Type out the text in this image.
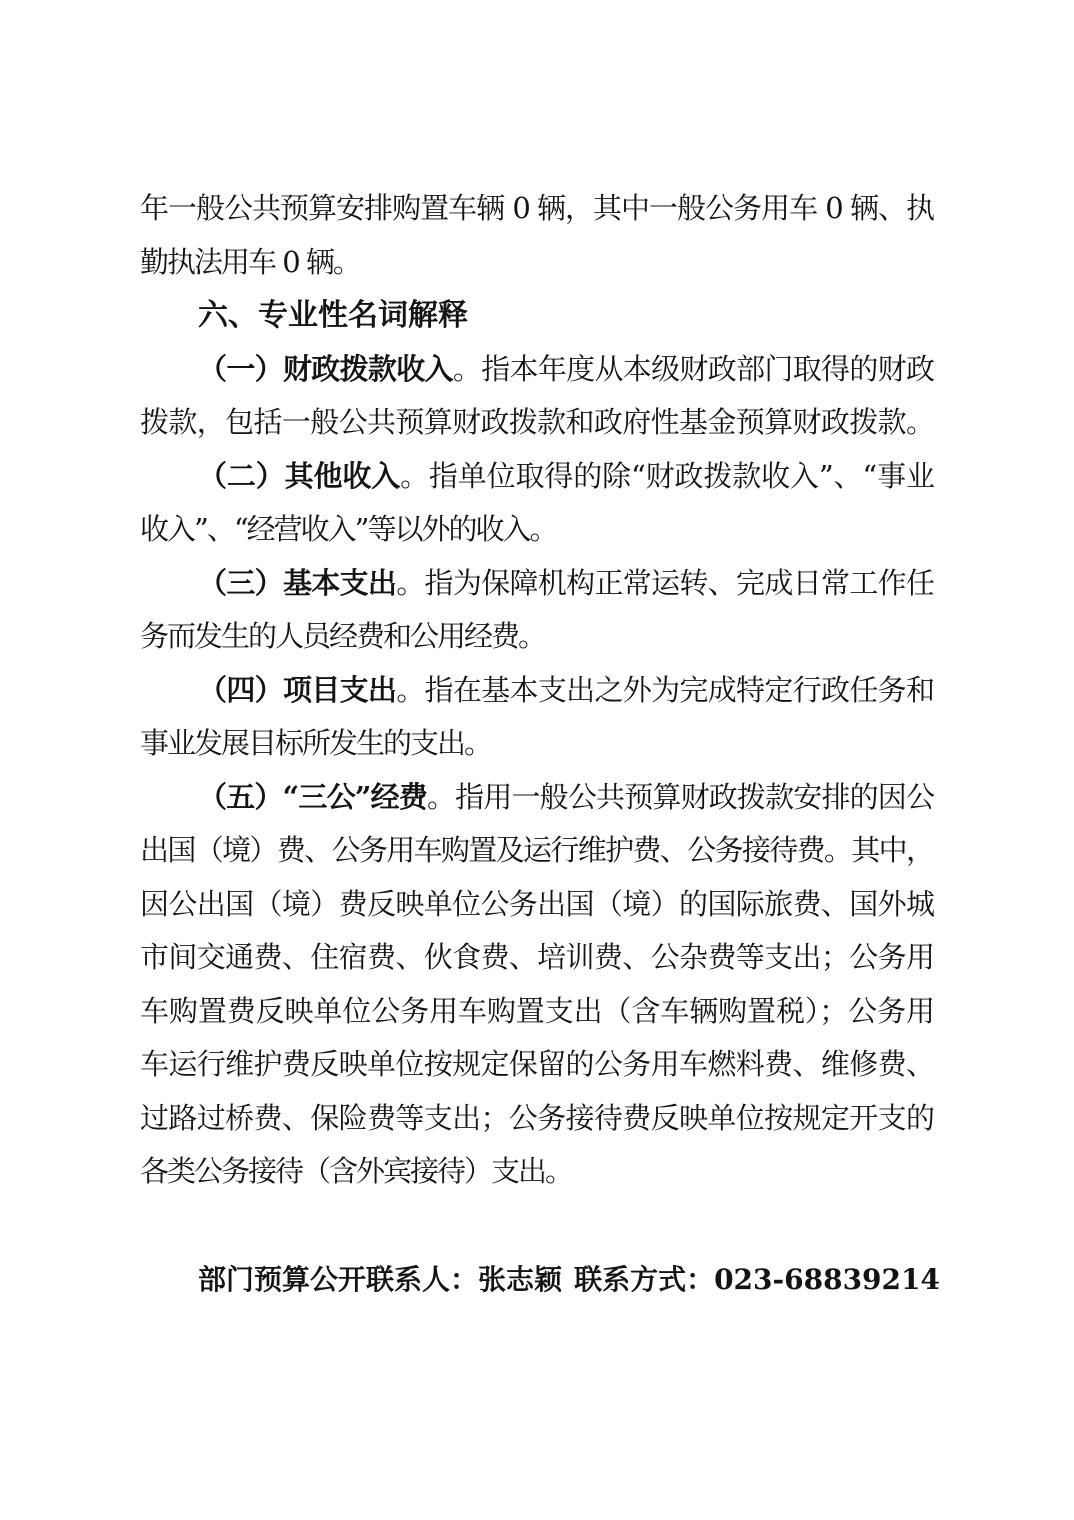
年一般公共预算安排购置车辆 0 辆，其中一般公务用车 0 辆、执

勤执法用车 0 辆。

六、专业性名词解释

（一）财政拨款收入。指本年度从本级财政部门取得的财政

拨款，包括一般公共预算财政拨款和政府性基金预算财政拨款。

（二）其他收入。指单位取得的除“财政拨款收入”、“事业

收入”、“经营收入”等以外的收入。

（三）基本支出。指为保障机构正常运转、完成日常工作任

务而发生的人员经费和公用经费。

（四）项目支出。指在基本支出之外为完成特定行政任务和

事业发展目标所发生的支出。

（五）“三公”经费。指用一般公共预算财政拨款安排的因公

出国（境）费、公务用车购置及运行维护费、公务接待费。其中，

因公出国（境）费反映单位公务出国（境）的国际旅费、国外城

市间交通费、住宿费、伙食费、培训费、公杂费等支出；公务用

车购置费反映单位公务用车购置支出（含车辆购置税）；公务用

车运行维护费反映单位按规定保留的公务用车燃料费、维修费、

过路过桥费、保险费等支出；公务接待费反映单位按规定开支的

各类公务接待（含外宾接待）支出。

部门预算公开联系人：张志颖 联系方式：023-68839214
